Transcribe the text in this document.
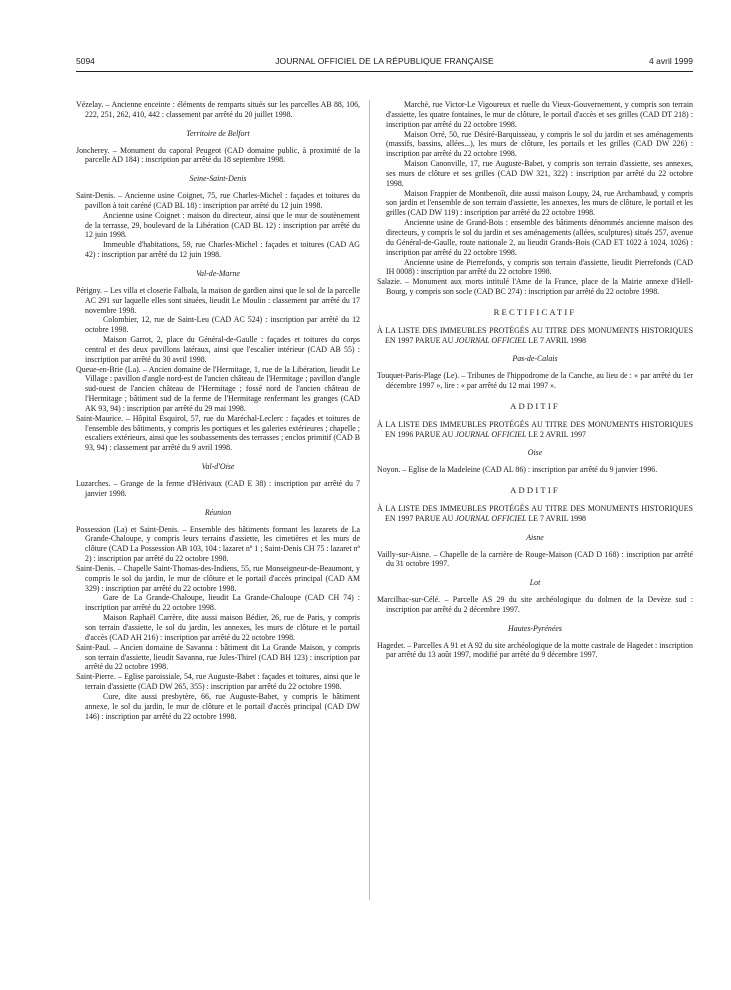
5094	JOURNAL OFFICIEL DE LA RÉPUBLIQUE FRANÇAISE	4 avril 1999
Vézelay. – Ancienne enceinte : éléments de remparts situés sur les parcelles AB 88, 106, 222, 251, 262, 410, 442 : classement par arrêté du 20 juillet 1998.
Territoire de Belfort
Joncherey. – Monument du caporal Peugeot (CAD domaine public, à proximité de la parcelle AD 184) : inscription par arrêté du 18 septembre 1998.
Seine-Saint-Denis
Saint-Denis. – Ancienne usine Coignet, 75, rue Charles-Michel : façades et toitures du pavillon à toit caréné (CAD BL 18) : inscription par arrêté du 12 juin 1998.
Ancienne usine Coignet : maison du directeur, ainsi que le mur de soutènement de la terrasse, 29, boulevard de la Libération (CAD BL 12) : inscription par arrêté du 12 juin 1998.
Immeuble d'habitations, 59, rue Charles-Michel : façades et toitures (CAD AG 42) : inscription par arrêté du 12 juin 1998.
Val-de-Marne
Périgny. – Les villa et closerie Falbala, la maison de gardien ainsi que le sol de la parcelle AC 291 sur laquelle elles sont situées, lieudit Le Moulin : classement par arrêté du 17 novembre 1998.
Colombier, 12, rue de Saint-Leu (CAD AC 524) : inscription par arrêté du 12 octobre 1998.
Maison Garrot, 2, place du Général-de-Gaulle : façades et toitures du corps central et des deux pavillons latéraux, ainsi que l'escalier intérieur (CAD AB 55) : inscription par arrêté du 30 avril 1998.
Queue-en-Brie (La). – Ancien domaine de l'Hermitage, 1, rue de la Libération, lieudit Le Village : pavillon d'angle nord-est de l'ancien château de l'Hermitage ; pavillon d'angle sud-ouest de l'ancien château de l'Hermitage ; fossé nord de l'ancien château de l'Hermitage ; bâtiment sud de la ferme de l'Hermitage renfermant les granges (CAD AK 93, 94) : inscription par arrêté du 29 mai 1998.
Saint-Maurice. – Hôpital Esquirol, 57, rue du Maréchal-Leclerc : façades et toitures de l'ensemble des bâtiments, y compris les portiques et les galeries extérieures ; chapelle ; escaliers extérieurs, ainsi que les soubassements des terrasses ; enclos primitif (CAD B 93, 94) : classement par arrêté du 9 avril 1998.
Val-d'Oise
Luzarches. – Grange de la ferme d'Hérivaux (CAD E 38) : inscription par arrêté du 7 janvier 1998.
Réunion
Possession (La) et Saint-Denis. – Ensemble des bâtiments formant les lazarets de La Grande-Chaloupe, y compris leurs terrains d'assiette, les cimetières et les murs de clôture (CAD La Possession AB 103, 104 : lazaret nº 1 ; Saint-Denis CH 75 : lazaret nº 2) : inscription par arrêté du 22 octobre 1998.
Saint-Denis. – Chapelle Saint-Thomas-des-Indiens, 55, rue Monseigneur-de-Beaumont, y compris le sol du jardin, le mur de clôture et le portail d'accès principal (CAD AM 329) : inscription par arrêté du 22 octobre 1998.
Gare de La Grande-Chaloupe, lieudit La Grande-Chaloupe (CAD CH 74) : inscription par arrêté du 22 octobre 1998.
Maison Raphaël Carrère, dite aussi maison Bédier, 26, rue de Paris, y compris son terrain d'assiette, le sol du jardin, les annexes, les murs de clôture et le portail d'accès (CAD AH 216) : inscription par arrêté du 22 octobre 1998.
Saint-Paul. – Ancien domaine de Savanna : bâtiment dit La Grande Maison, y compris son terrain d'assiette, lieudit Savanna, rue Jules-Thirel (CAD BH 123) : inscription par arrêté du 22 octobre 1998.
Saint-Pierre. – Eglise paroissiale, 54, rue Auguste-Babet : façades et toitures, ainsi que le terrain d'assiette (CAD DW 265, 355) : inscription par arrêté du 22 octobre 1998.
Cure, dite aussi presbytère, 66, rue Auguste-Babet, y compris le bâtiment annexe, le sol du jardin, le mur de clôture et le portail d'accès principal (CAD DW 146) : inscription par arrêté du 22 octobre 1998.
Marché, rue Victor-Le Vigoureux et ruelle du Vieux-Gouvernement, y compris son terrain d'assiette, les quatre fontaines, le mur de clôture, le portail d'accès et ses grilles (CAD DT 218) : inscription par arrêté du 22 octobre 1998.
Maison Orré, 50, rue Désiré-Barquisseau, y compris le sol du jardin et ses aménagements (massifs, bassins, allées...), les murs de clôture, les portails et les grilles (CAD DW 226) : inscription par arrêté du 22 octobre 1998.
Maison Canonville, 17, rue Auguste-Babet, y compris son terrain d'assiette, ses annexes, ses murs de clôture et ses grilles (CAD DW 321, 322) : inscription par arrêté du 22 octobre 1998.
Maison Frappier de Montbenoît, dite aussi maison Loupy, 24, rue Archambaud, y compris son jardin et l'ensemble de son terrain d'assiette, les annexes, les murs de clôture, le portail et les grilles (CAD DW 119) : inscription par arrêté du 22 octobre 1998.
Ancienne usine de Grand-Bois : ensemble des bâtiments dénommés ancienne maison des directeurs, y compris le sol du jardin et ses aménagements (allées, sculptures) situés 257, avenue du Général-de-Gaulle, route nationale 2, au lieudit Grands-Bois (CAD ET 1022 à 1024, 1026) : inscription par arrêté du 22 octobre 1998.
Ancienne usine de Pierrefonds, y compris son terrain d'assiette, lieudit Pierrefonds (CAD IH 0008) : inscription par arrêté du 22 octobre 1998.
Salazie. – Monument aux morts intitulé l'Ame de la France, place de la Mairie annexe d'Hell-Bourg, y compris son socle (CAD BC 274) : inscription par arrêté du 22 octobre 1998.
RECTIFICATIF
À LA LISTE DES IMMEUBLES PROTÉGÉS AU TITRE DES MONUMENTS HISTORIQUES EN 1997 PARUE AU JOURNAL OFFICIEL LE 7 AVRIL 1998
Pas-de-Calais
Touquet-Paris-Plage (Le). – Tribunes de l'hippodrome de la Canche, au lieu de : « par arrêté du 1er décembre 1997 », lire : « par arrêté du 12 mai 1997 ».
ADDITIF
À LA LISTE DES IMMEUBLES PROTÉGÉS AU TITRE DES MONUMENTS HISTORIQUES EN 1996 PARUE AU JOURNAL OFFICIEL LE 2 AVRIL 1997
Oise
Noyon. – Eglise de la Madeleine (CAD AL 86) : inscription par arrêté du 9 janvier 1996.
ADDITIF
À LA LISTE DES IMMEUBLES PROTÉGÉS AU TITRE DES MONUMENTS HISTORIQUES EN 1997 PARUE AU JOURNAL OFFICIEL LE 7 AVRIL 1998
Aisne
Vailly-sur-Aisne. – Chapelle de la carrière de Rouge-Maison (CAD D 168) : inscription par arrêté du 31 octobre 1997.
Lot
Marcilhac-sur-Célé. – Parcelle AS 29 du site archéologique du dolmen de la Devèze sud : inscription par arrêté du 2 décembre 1997.
Hautes-Pyrénées
Hagedet. – Parcelles A 91 et A 92 du site archéologique de la motte castrale de Hagedet : inscription par arrêté du 13 août 1997, modifié par arrêté du 9 décembre 1997.
